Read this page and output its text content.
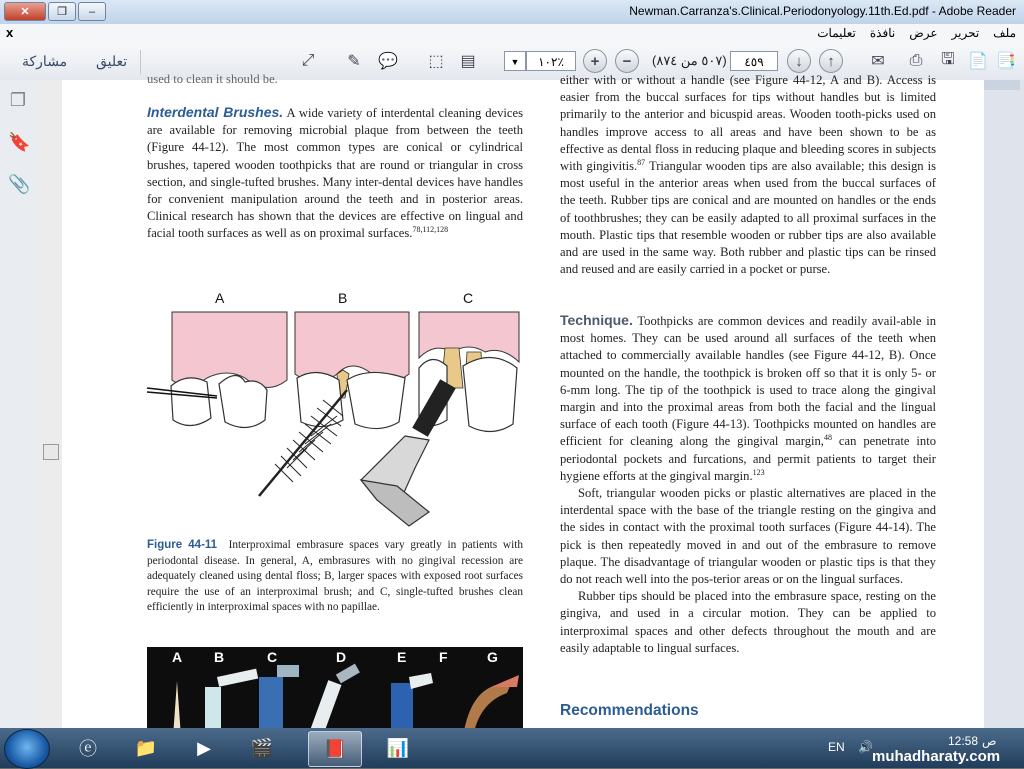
✕	❐	–	Newman.Carranza's.Clinical.Periodonyology.11th.Ed.pdf - Adobe Reader
x	ملف
تحرير
عرض
نافذة
تعليمات
مشاركة تعليق	⤢	✎	💬 ⬚ ▤	▼	١٠٢٪	+	−	(٥٠٧ من ٨٧٤)	٤٥٩	↓	↑	✉	⎙	🖫 📄 📑
❐
🔖
📎
used to clean it should be.

Interdental Brushes. A wide variety of interdental cleaning devices are available for removing microbial plaque from between the teeth (Figure 44-12). The most common types are conical or cylindrical brushes, tapered wooden toothpicks that are round or triangular in cross section, and single-tufted brushes. Many inter-dental devices have handles for convenient manipulation around the teeth and in posterior areas. Clinical research has shown that the devices are effective on lingual and facial tooth surfaces as well as on proximal surfaces.$^{78,112,128}$

A	B	C
Figure 44-11 Interproximal embrasure spaces vary greatly in patients with periodontal disease. In general, A, embrasures with no gingival recession are adequately cleaned using dental floss; B, larger spaces with exposed root surfaces require the use of an interproximal brush; and C, single-tufted brushes clean efficiently in interproximal spaces with no papillae.
A B	C	D	E F	G

either with or without a handle (see Figure 44-12, A and B). Access is easier from the buccal surfaces for tips without handles but is limited primarily to the anterior and bicuspid areas. Wooden tooth-picks used on handles improve access to all areas and have been shown to be as effective as dental floss in reducing plaque and bleeding scores in subjects with gingivitis.$^{87}$ Triangular wooden tips are also available; this design is most useful in the anterior areas when used from the buccal surfaces of the teeth. Rubber tips are conical and are mounted on handles or the ends of toothbrushes; they can be easily adapted to all proximal surfaces in the mouth. Plastic tips that resemble wooden or rubber tips are also available and are used in the same way. Both rubber and plastic tips can be rinsed and reused and are easily carried in a pocket or purse.

Technique. Toothpicks are common devices and readily avail-able in most homes. They can be used around all surfaces of the teeth when attached to commercially available handles (see Figure 44-12, B). Once mounted on the handle, the toothpick is broken off so that it is only 5- or 6-mm long. The tip of the toothpick is used to trace along the gingival margin and into the proximal areas from both the facial and the lingual surface of each tooth (Figure 44-13). Toothpicks mounted on handles are efficient for cleaning along the gingival margin,$^{48}$ can penetrate into periodontal pockets and furcations, and permit patients to target their hygiene efforts at the gingival margin.$^{123}$

Soft, triangular wooden picks or plastic alternatives are placed in the interdental space with the base of the triangle resting on the gingiva and the sides in contact with the proximal tooth surfaces (Figure 44-14). The pick is then repeatedly moved in and out of the embrasure to remove plaque. The disadvantage of triangular wooden or plastic tips is that they do not reach well into the pos-terior areas or on the lingual surfaces.

Rubber tips should be placed into the embrasure space, resting on the gingiva, and used in a circular motion. They can be applied to interproximal spaces and other defects throughout the mouth and are easily adaptable to lingual surfaces.

Recommendations
ⓔ	📁	▶	🎬	📕	📊	EN 🔊	12:58 ص
muhadharaty.com
